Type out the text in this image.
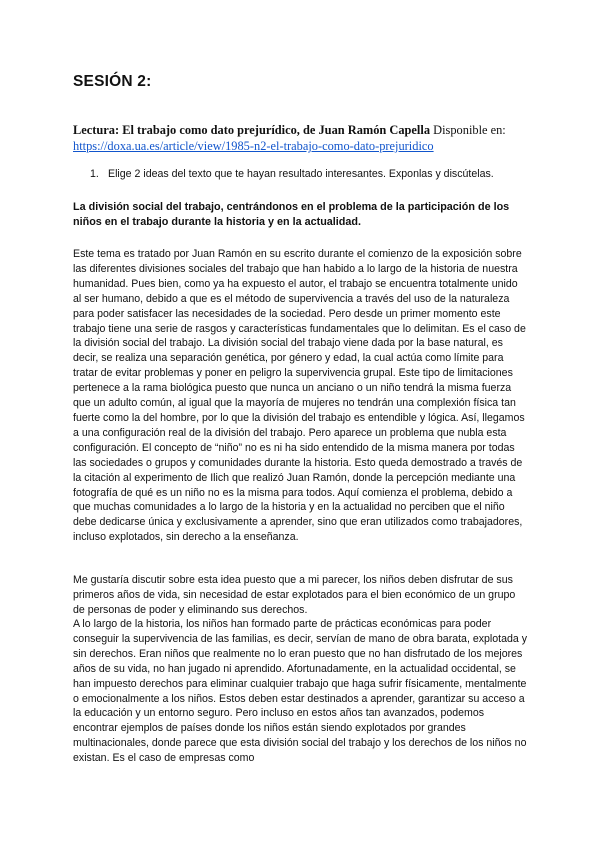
SESIÓN 2:

Lectura: El trabajo como dato prejurídico, de Juan Ramón Capella Disponible en: https://doxa.ua.es/article/view/1985-n2-el-trabajo-como-dato-prejuridico

1. Elige 2 ideas del texto que te hayan resultado interesantes. Exponlas y discútelas.

La división social del trabajo, centrándonos en el problema de la participación de los niños en el trabajo durante la historia y en la actualidad.

Este tema es tratado por Juan Ramón en su escrito durante el comienzo de la exposición sobre las diferentes divisiones sociales del trabajo que han habido a lo largo de la historia de nuestra humanidad. Pues bien, como ya ha expuesto el autor, el trabajo se encuentra totalmente unido al ser humano, debido a que es el método de supervivencia a través del uso de la naturaleza para poder satisfacer las necesidades de la sociedad. Pero desde un primer momento este trabajo tiene una serie de rasgos y características fundamentales que lo delimitan. Es el caso de la división social del trabajo. La división social del trabajo viene dada por la base natural, es decir, se realiza una separación genética, por género y edad, la cual actúa como límite para tratar de evitar problemas y poner en peligro la supervivencia grupal. Este tipo de limitaciones pertenece a la rama biológica puesto que nunca un anciano o un niño tendrá la misma fuerza que un adulto común, al igual que la mayoría de mujeres no tendrán una complexión física tan fuerte como la del hombre, por lo que la división del trabajo es entendible y lógica. Así, llegamos a una configuración real de la división del trabajo. Pero aparece un problema que nubla esta configuración. El concepto de “niño” no es ni ha sido entendido de la misma manera por todas las sociedades o grupos y comunidades durante la historia. Esto queda demostrado a través de la citación al experimento de Ilich que realizó Juan Ramón, donde la percepción mediante una fotografía de qué es un niño no es la misma para todos. Aquí comienza el problema, debido a que muchas comunidades a lo largo de la historia y en la actualidad no perciben que el niño debe dedicarse única y exclusivamente a aprender, sino que eran utilizados como trabajadores, incluso explotados, sin derecho a la enseñanza.

Me gustaría discutir sobre esta idea puesto que a mi parecer, los niños deben disfrutar de sus primeros años de vida, sin necesidad de estar explotados para el bien económico de un grupo de personas de poder y eliminando sus derechos.

A lo largo de la historia, los niños han formado parte de prácticas económicas para poder conseguir la supervivencia de las familias, es decir, servían de mano de obra barata, explotada y sin derechos. Eran niños que realmente no lo eran puesto que no han disfrutado de los mejores años de su vida, no han jugado ni aprendido. Afortunadamente, en la actualidad occidental, se han impuesto derechos para eliminar cualquier trabajo que haga sufrir físicamente, mentalmente o emocionalmente a los niños. Estos deben estar destinados a aprender, garantizar su acceso a la educación y un entorno seguro. Pero incluso en estos años tan avanzados, podemos encontrar ejemplos de países donde los niños están siendo explotados por grandes multinacionales, donde parece que esta división social del trabajo y los derechos de los niños no existan. Es el caso de empresas como
